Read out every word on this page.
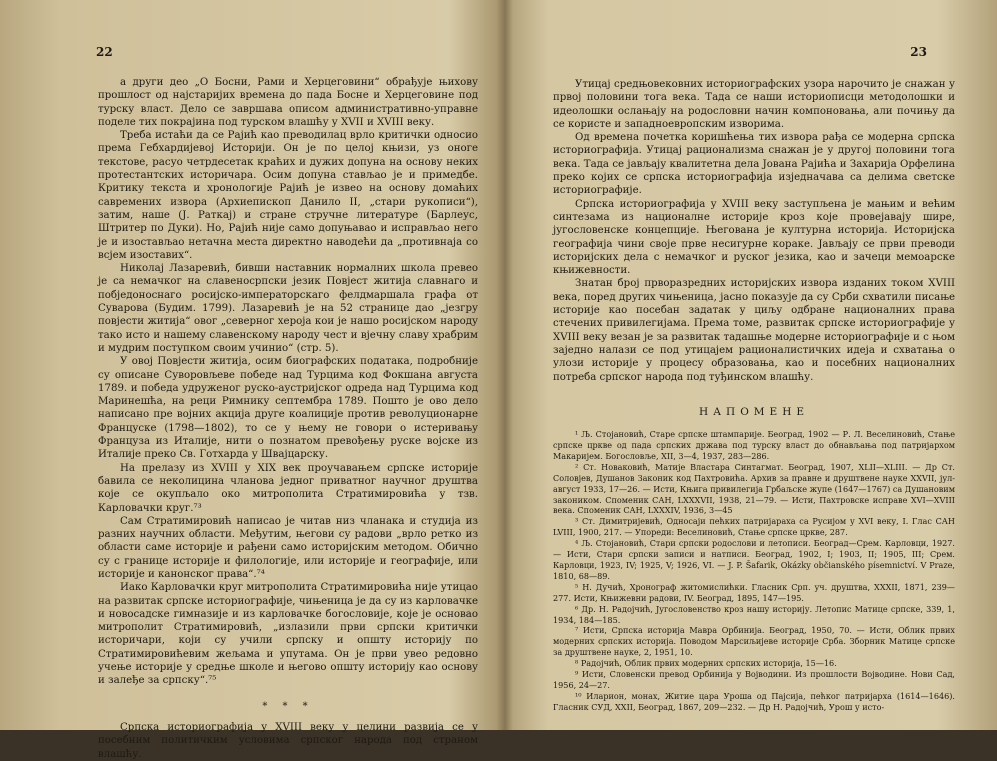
22

а други део „О Босни, Рами и Херцеговини“ обрађује њихову прошлост од најстаријих времена до пада Босне и Херцеговине под турску власт. Дело се завршава описом административно-управне поделе тих покрајина под турском влашћу у XVII и XVIII веку.

Треба истаћи да се Рајић као преводилац врло критички односио према Гебхардијевој Историји. Он је по целој књизи, уз оноге текстове, расуо четрдесетак краћих и дужих допуна на основу неких протестантских историчара. Осим допуна стављао је и примедбе. Критику текста и хронологије Рајић је извео на основу домаћих савремених извора (Архиепископ Данило II, „стари рукописи“), затим, наше (Ј. Раткај) и стране стручне литературе (Барлеус, Штритер по Дуки). Но, Рајић није само допуњавао и исправљао него је и изостављао нетачна места директно наводећи да „противнаја со всјем изоставих“.

Николај Лазаревић, бивши наставник нормалних школа превео је са немачког на славеносрпски језик Повјест житија славнаго и побједоноснаго росијско-императорскаго фелдмаршала графа от Суварова (Будим. 1799). Лазаревић је на 52 странице дао „језгру повјести житија“ овог „северног хероја кои је нашо росијском народу тако исто и нашему славенскому народу чест и вјечну славу храбрим и мудрим поступком своим учинио“ (стр. 5).

У овој Повјести житија, осим биографских података, подробније су описане Суворовљеве победе над Турцима код Фокшана августа 1789. и победа удруженог руско-аустријског одреда над Турцима код Маринешћа, на реци Римнику септембра 1789. Пошто је ово дело написано пре војних акција друге коалиције против револуционарне Француске (1798—1802), то се у њему не говори о истеривању Француза из Италије, нити о познатом превођењу руске војске из Италије преко Св. Готхарда у Швајцарску.

На прелазу из XVIII у XIX век проучавањем српске историје бавила се неколицина чланова једног приватног научног друштва које се окупљало око митрополита Стратимировића у тзв. Карловачки круг.⁷³

Сам Стратимировић написао је читав низ чланака и студија из разних научних области. Међутим, његови су радови „врло ретко из области саме историје и рађени само историјским методом. Обично су с границе историје и филологије, или историје и географије, или историје и канонског права“.⁷⁴

Иако Карловачки круг митрополита Стратимировића није утицао на развитак српске историографије, чињеница је да су из карловачке и новосадске гимназије и из карловачке богословије, које је основао митрополит Стратимировић, „излазили први српски критички историчари, који су учили српску и општу историју по Стратимировићевим жељама и упутама. Он је први увео редовно учење историје у средње школе и његово општу историју као основу и залеђе за српску“.⁷⁵

* * *

Српска историографија у XVIII веку у целини развија се у посебним политичким условима српског народа под страном влашћу.

23

Утицај средњовековних историографских узора нарочито је снажан у првој половини тога века. Тада се наши историописци методолошки и идеолошки ослањају на родословни начин компоновања, али почињу да се користе и западноевропским изворима.

Од времена почетка коришћења тих извора рађа се модерна српска историографија. Утицај рационализма снажан је у другој половини тога века. Тада се јављају квалитетна дела Јована Рајића и Захарија Орфелина преко којих се српска историографија изједначава са делима светске историографије.

Српска историографија у XVIII веку заступљена је мањим и већим синтезама из националне историје кроз које провејавају шире, југословенске концепције. Његована је културна историја. Историјска географија чини своје прве несигурне кораке. Јављају се први преводи историјских дела с немачког и руског језика, као и зачеци мемоарске књижевности.

Знатан број прворазредних историјских извора изданих током XVIII века, поред других чињеница, јасно показује да су Срби схватили писање историје као посебан задатак у циљу одбране националних права стечених привилегијама. Према томе, развитак српске историографије у XVIII веку везан је за развитак тадашње модерне историографије и с њом заједно налази се под утицајем рационалистичких идеја и схватања о улози историје у процесу образовања, као и посебних националних потреба српског народа под туђинском влашћу.

НАПОМЕНЕ

¹ Љ. Стојановић, Старе српске штампарије. Београд, 1902 — Р. Л. Веселиновић, Стање српске цркве од пада српских држава под турску власт до обнављања под патријархом Макаријем. Богословље, XII, 3—4, 1937, 283—286.

² Ст. Новаковић, Матије Властара Синтагмат. Београд, 1907, XLII—XLIII. — Др Ст. Соловјев, Душанов Законик код Пахтровића. Архив за правне и друштвене науке XXVII, јул-август 1933, 17—26. — Исти, Књига привилегија Грбаљске жупе (1647—1767) са Душановим закоником. Споменик САН, LXXXVII, 1938, 21—79. — Исти, Пахтровске исправе XVI—XVIII века. Споменик САН, LXXXIV, 1936, 3—45

³ Ст. Димитријевић, Односаји пећких патријараха са Русијом у XVI веку, I. Глас САН LVIII, 1900, 217. — Упореди: Веселиновић, Стање српске цркве, 287.

⁴ Љ. Стојановић, Стари српски родослови и летописи. Београд—Срем. Карловци, 1927. — Исти, Стари српски записи и натписи. Београд, 1902, I; 1903, II; 1905, III; Срем. Карловци, 1923, IV; 1925, V; 1926, VI. — J. P. Šafarik, Okázky občianského písemnictví. V Praze, 1810, 68—89.

⁵ Н. Дучић, Хронограф житомислићки. Гласник Срп. уч. друштва, XXXII, 1871, 239—277. Исти, Књижевни радови, IV. Београд, 1895, 147—195.

⁶ Др. Н. Радојчић, Југословенство кроз нашу историју. Летопис Матице српске, 339, 1, 1934, 184—185.

⁷ Исти, Српска историја Мавра Орбинија. Београд, 1950, 70. — Исти, Облик првих модерних српских историја. Поводом Марсиљијеве историје Срба. Зборник Матице српске за друштвене науке, 2, 1951, 10.

⁸ Радојчић, Облик првих модерних српских историја, 15—16.

⁹ Исти, Словенски превод Орбинија у Војводини. Из прошлости Војводине. Нови Сад, 1956, 24—27.

¹⁰ Иларион, монах, Житие цара Уроша од Пајсија, пећког патријарха (1614—1646). Гласник СУД, XXII, Београд, 1867, 209—232. — Др Н. Радојчић, Урош у исто-
